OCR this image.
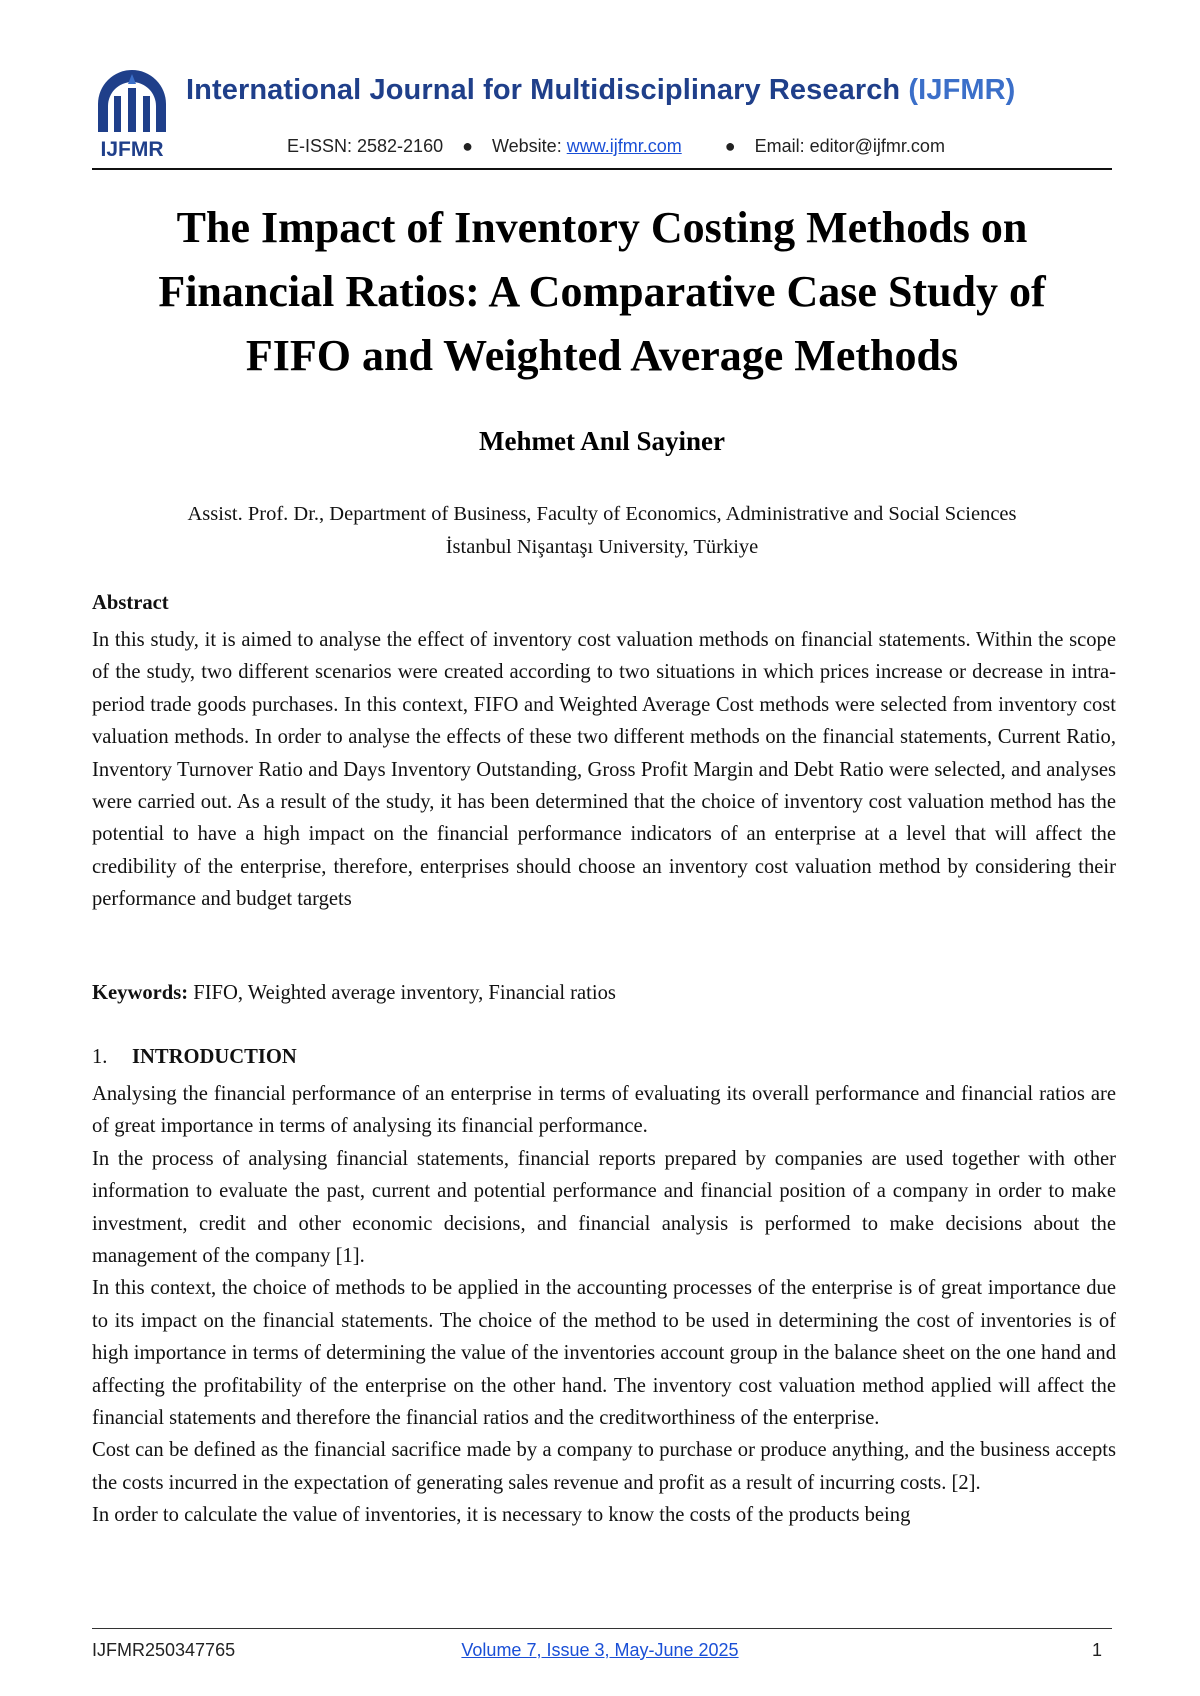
IJFMR
International Journal for Multidisciplinary Research (IJFMR)
E-ISSN: 2582-2160 ● Website: www.ijfmr.com ● Email: editor@ijfmr.com
The Impact of Inventory Costing Methods on
Financial Ratios: A Comparative Case Study of
FIFO and Weighted Average Methods
Mehmet Anıl Sayiner
Assist. Prof. Dr., Department of Business, Faculty of Economics, Administrative and Social Sciences
İstanbul Nişantaşı University, Türkiye
Abstract

In this study, it is aimed to analyse the effect of inventory cost valuation methods on financial statements. Within the scope of the study, two different scenarios were created according to two situations in which prices increase or decrease in intra-period trade goods purchases. In this context, FIFO and Weighted Average Cost methods were selected from inventory cost valuation methods. In order to analyse the effects of these two different methods on the financial statements, Current Ratio, Inventory Turnover Ratio and Days Inventory Outstanding, Gross Profit Margin and Debt Ratio were selected, and analyses were carried out. As a result of the study, it has been determined that the choice of inventory cost valuation method has the potential to have a high impact on the financial performance indicators of an enterprise at a level that will affect the credibility of the enterprise, therefore, enterprises should choose an inventory cost valuation method by considering their performance and budget targets

Keywords: FIFO, Weighted average inventory, Financial ratios
1. INTRODUCTION

Analysing the financial performance of an enterprise in terms of evaluating its overall performance and financial ratios are of great importance in terms of analysing its financial performance.

In the process of analysing financial statements, financial reports prepared by companies are used together with other information to evaluate the past, current and potential performance and financial position of a company in order to make investment, credit and other economic decisions, and financial analysis is performed to make decisions about the management of the company [1].

In this context, the choice of methods to be applied in the accounting processes of the enterprise is of great importance due to its impact on the financial statements. The choice of the method to be used in determining the cost of inventories is of high importance in terms of determining the value of the inventories account group in the balance sheet on the one hand and affecting the profitability of the enterprise on the other hand. The inventory cost valuation method applied will affect the financial statements and therefore the financial ratios and the creditworthiness of the enterprise.

Cost can be defined as the financial sacrifice made by a company to purchase or produce anything, and the business accepts the costs incurred in the expectation of generating sales revenue and profit as a result of incurring costs. [2].

In order to calculate the value of inventories, it is necessary to know the costs of the products being

IJFMR250347765	Volume 7, Issue 3, May-June 2025	1
